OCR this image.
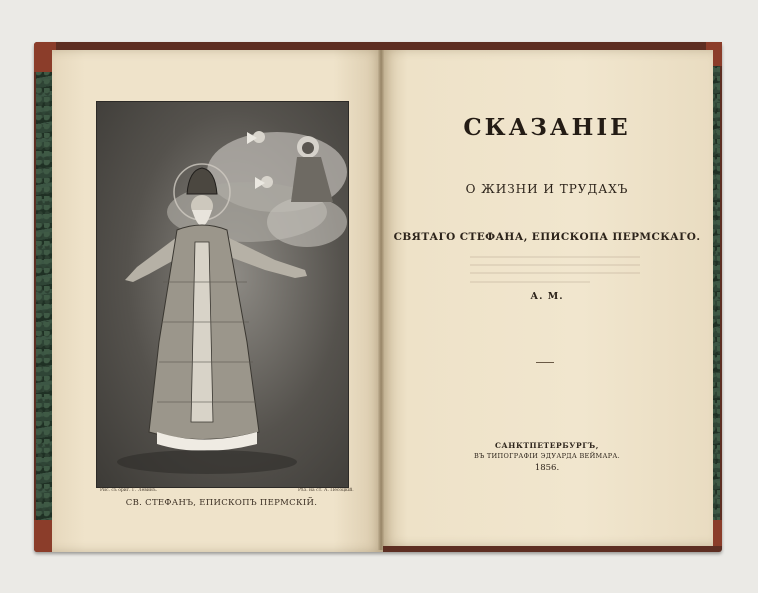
Рис. съ ориг. Г. Левинъ.	Рѣз. на ст. А. Песоцкій.
СВ. СТЕФАНЪ, ЕПИСКОПЪ ПЕРМСКІЙ.
СКАЗАНІЕ
О ЖИЗНИ И ТРУДАХЪ
СВЯТАГО СТЕФАНА, ЕПИСКОПА ПЕРМСКАГО.
А. М.
САНКТПЕТЕРБУРГЪ,
ВЪ ТИПОГРАФІИ ЭДУАРДА ВЕЙМАРА.
1856.
